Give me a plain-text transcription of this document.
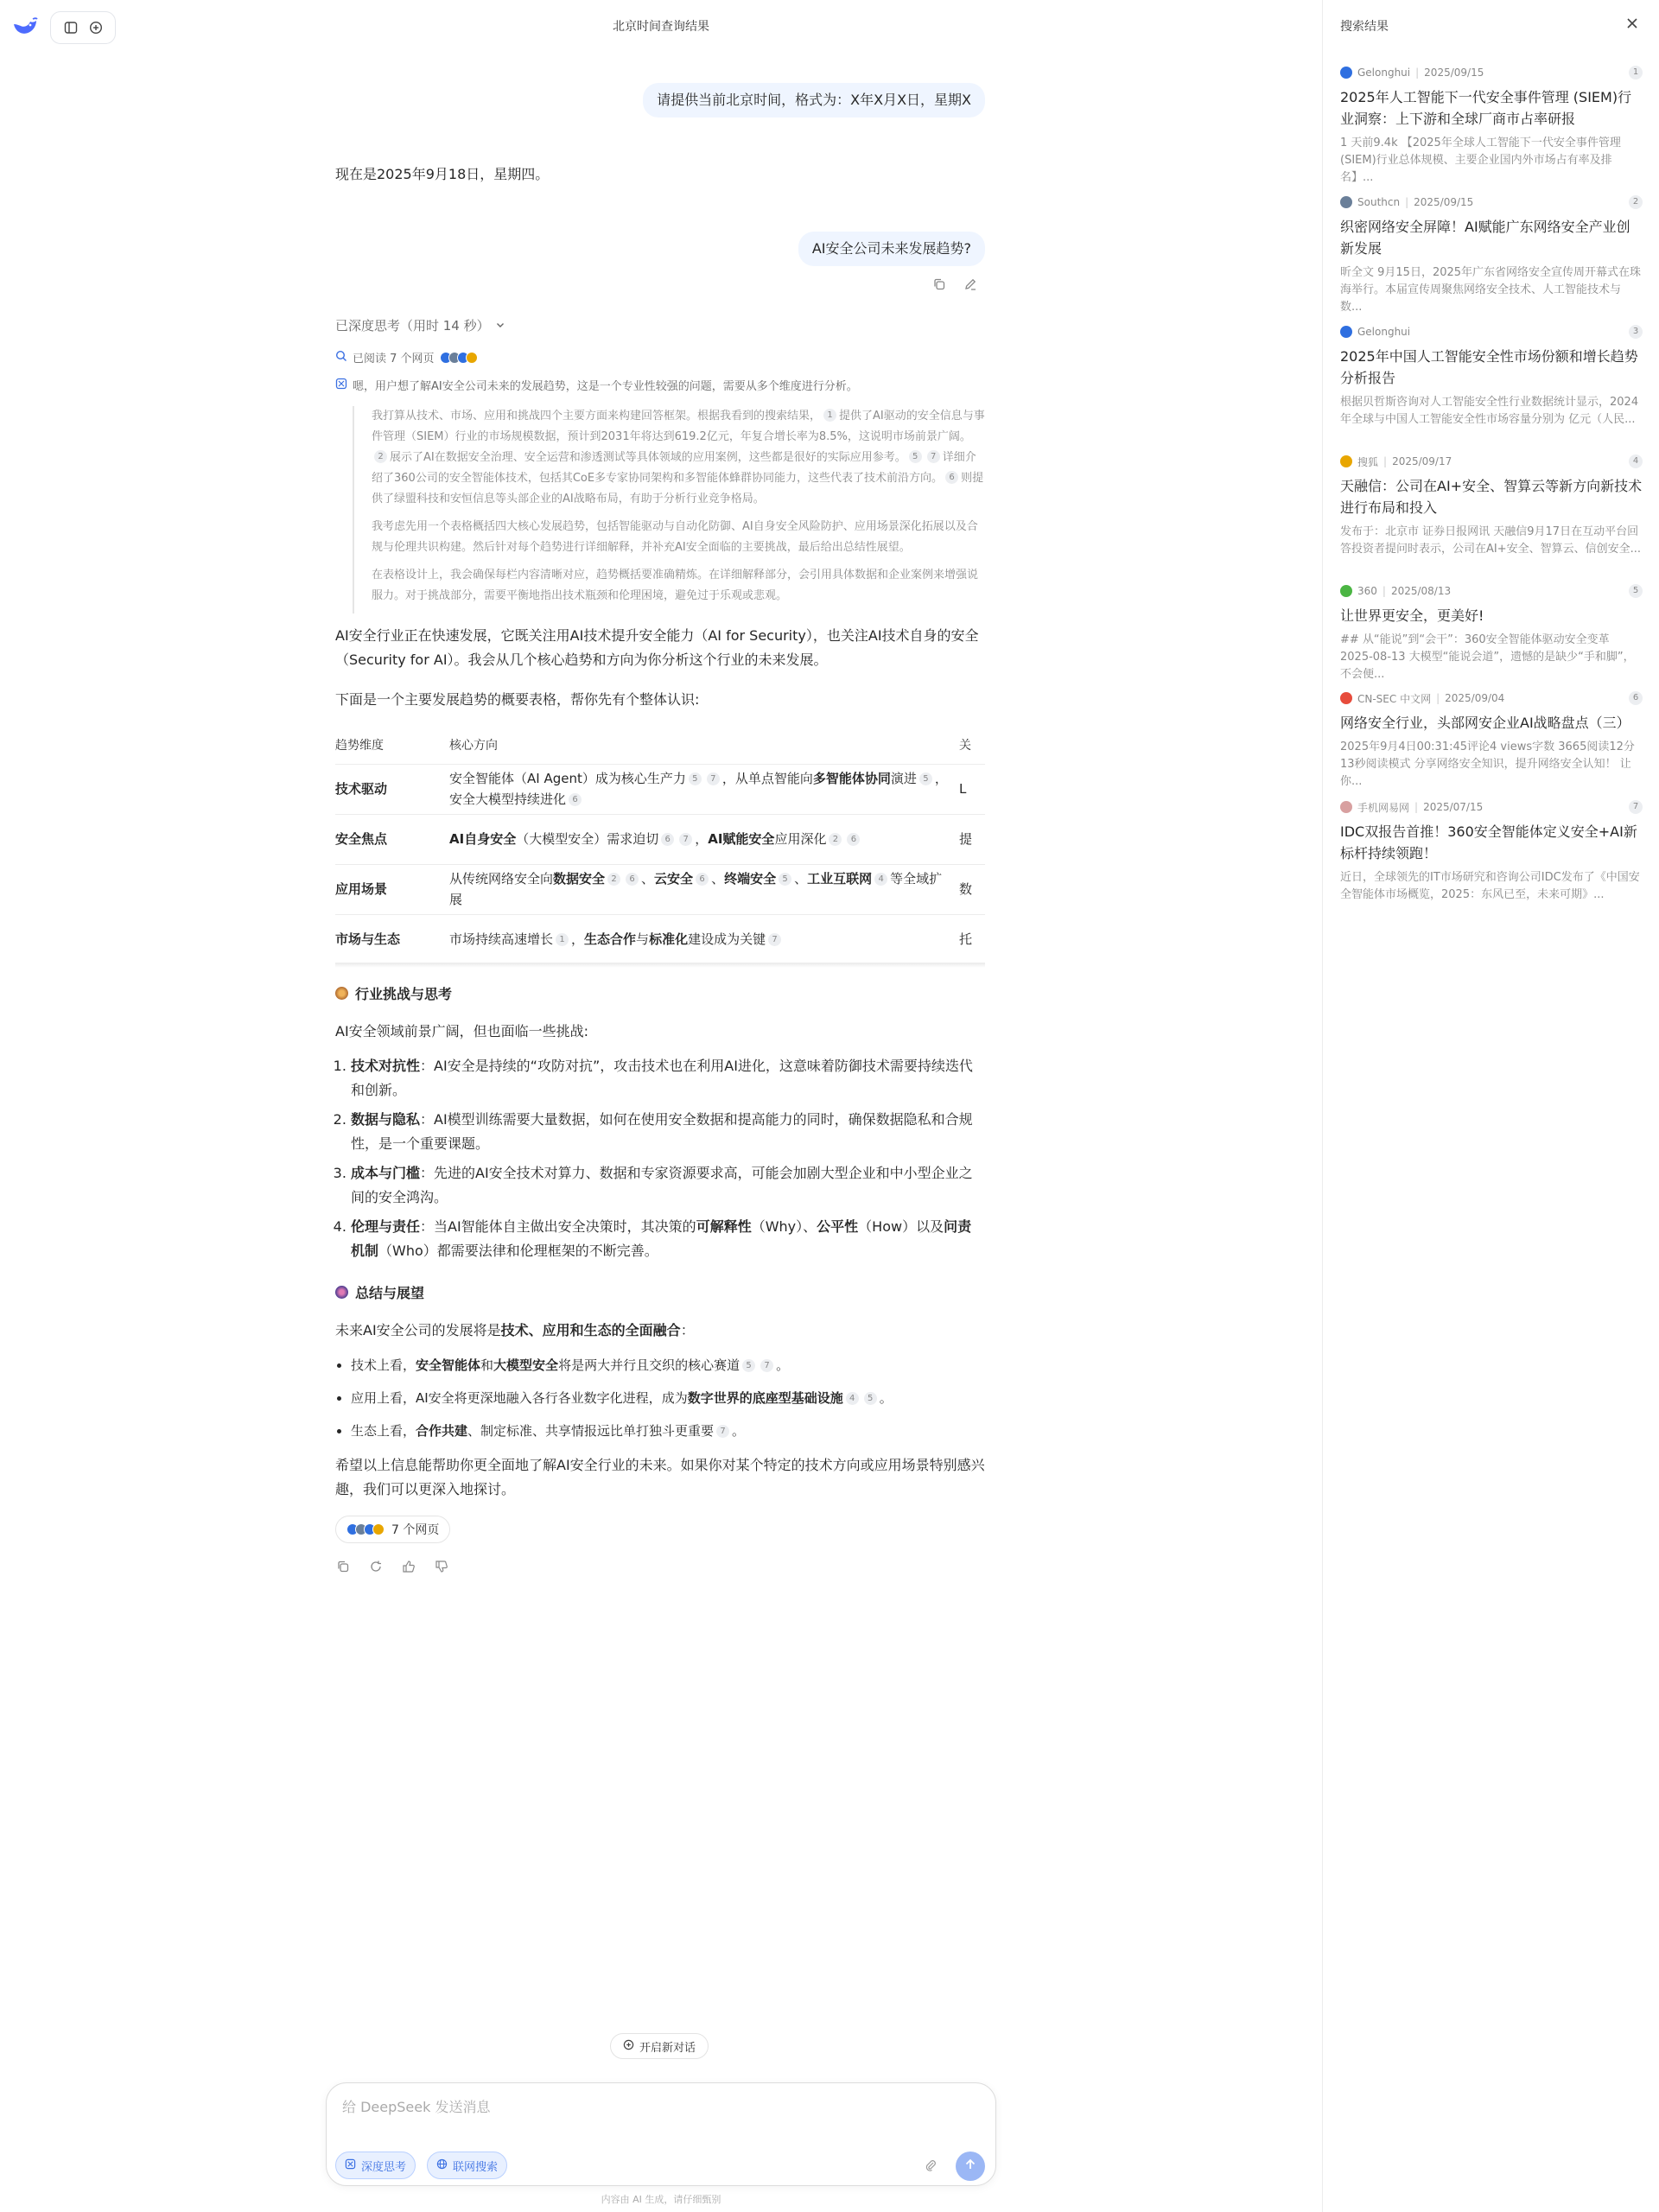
北京时间查询结果
请提供当前北京时间，格式为：X年X月X日，星期X
现在是2025年9月18日，星期四。
AI安全公司未来发展趋势?
已深度思考（用时 14 秒）
已阅读 7 个网页
嗯，用户想了解AI安全公司未来的发展趋势，这是一个专业性较强的问题，需要从多个维度进行分析。

我打算从技术、市场、应用和挑战四个主要方面来构建回答框架。根据我看到的搜索结果， 1 提供了AI驱动的安全信息与事件管理（SIEM）行业的市场规模数据，预计到2031年将达到619.2亿元，年复合增长率为8.5%，这说明市场前景广阔。2 展示了AI在数据安全治理、安全运营和渗透测试等具体领域的应用案例，这些都是很好的实际应用参考。 5 7 详细介绍了360公司的安全智能体技术，包括其CoE多专家协同架构和多智能体蜂群协同能力，这些代表了技术前沿方向。 6 则提供了绿盟科技和安恒信息等头部企业的AI战略布局，有助于分析行业竞争格局。

我考虑先用一个表格概括四大核心发展趋势，包括智能驱动与自动化防御、AI自身安全风险防护、应用场景深化拓展以及合规与伦理共识构建。然后针对每个趋势进行详细解释，并补充AI安全面临的主要挑战，最后给出总结性展望。

在表格设计上，我会确保每栏内容清晰对应，趋势概括要准确精炼。在详细解释部分，会引用具体数据和企业案例来增强说服力。对于挑战部分，需要平衡地指出技术瓶颈和伦理困境，避免过于乐观或悲观。

AI安全行业正在快速发展，它既关注用AI技术提升安全能力（AI for Security），也关注AI技术自身的安全（Security for AI）。我会从几个核心趋势和方向为你分析这个行业的未来发展。
下面是一个主要发展趋势的概要表格，帮你先有个整体认识:
趋势维度	核心方向	关
技术驱动	安全智能体（AI Agent）成为核心生产力 5 7 ，从单点智能向多智能体协同演进 5 ，安全大模型持续进化 6	L
安全焦点	AI自身安全（大模型安全）需求迫切 6 7 ，AI赋能安全应用深化 2 6	提
应用场景	从传统网络安全向数据安全 2 6 、云安全 6 、终端安全 5 、工业互联网 4 等全域扩展	数
市场与生态	市场持续高速增长 1 ，生态合作与标准化建设成为关键 7	托
行业挑战与思考
AI安全领域前景广阔，但也面临一些挑战:
1. 技术对抗性：AI安全是持续的“攻防对抗”，攻击技术也在利用AI进化，这意味着防御技术需要持续迭代和创新。
2. 数据与隐私：AI模型训练需要大量数据，如何在使用安全数据和提高能力的同时，确保数据隐私和合规性，是一个重要课题。
3. 成本与门槛：先进的AI安全技术对算力、数据和专家资源要求高，可能会加剧大型企业和中小型企业之间的安全鸿沟。
4. 伦理与责任：当AI智能体自主做出安全决策时，其决策的可解释性（Why）、公平性（How）以及问责机制（Who）都需要法律和伦理框架的不断完善。
总结与展望
未来AI安全公司的发展将是技术、应用和生态的全面融合：
• 技术上看，安全智能体和大模型安全将是两大并行且交织的核心赛道 5 7 。
• 应用上看，AI安全将更深地融入各行各业数字化进程，成为数字世界的底座型基础设施 4 5 。
• 生态上看，合作共建、制定标准、共享情报远比单打独斗更重要 7 。
希望以上信息能帮助你更全面地了解AI安全行业的未来。如果你对某个特定的技术方向或应用场景特别感兴趣，我们可以更深入地探讨。
7 个网页
开启新对话
给 DeepSeek 发送消息
深度思考	联网搜索
内容由 AI 生成，请仔细甄别
搜索结果
Gelonghui | 2025/09/15	1
2025年人工智能下一代安全事件管理 (SIEM)行业洞察：上下游和全球厂商市占率研报
1 天前9.4k 【2025年全球人工智能下一代安全事件管理(SIEM)行业总体规模、主要企业国内外市场占有率及排名】...
Southcn | 2025/09/15	2
织密网络安全屏障！AI赋能广东网络安全产业创新发展
昕全文 9月15日，2025年广东省网络安全宣传周开幕式在珠海举行。本届宣传周聚焦网络安全技术、人工智能技术与数...
Gelonghui	3
2025年中国人工智能安全性市场份额和增长趋势分析报告
根据贝哲斯咨询对人工智能安全性行业数据统计显示，2024年全球与中国人工智能安全性市场容量分别为 亿元（人民...
搜狐 | 2025/09/17	4
天融信：公司在AI+安全、智算云等新方向新技术进行布局和投入
发布于：北京市 证券日报网讯 天融信9月17日在互动平台回答投资者提问时表示，公司在AI+安全、智算云、信创安全...
360 | 2025/08/13	5
让世界更安全，更美好!
## 从“能说”到“会干”：360安全智能体驱动安全变革 2025-08-13 大模型“能说会道”，遗憾的是缺少“手和脚”，不会便...
CN-SEC 中文网 | 2025/09/04	6
网络安全行业，头部网安企业AI战略盘点（三）
2025年9月4日00:31:45评论4 views字数 3665阅读12分13秒阅读模式 分享网络安全知识，提升网络安全认知！ 让你...
手机网易网 | 2025/07/15	7
IDC双报告首推！360安全智能体定义安全+AI新标杆持续领跑！
近日，全球领先的IT市场研究和咨询公司IDC发布了《中国安全智能体市场概览，2025：东风已至，未来可期》...
